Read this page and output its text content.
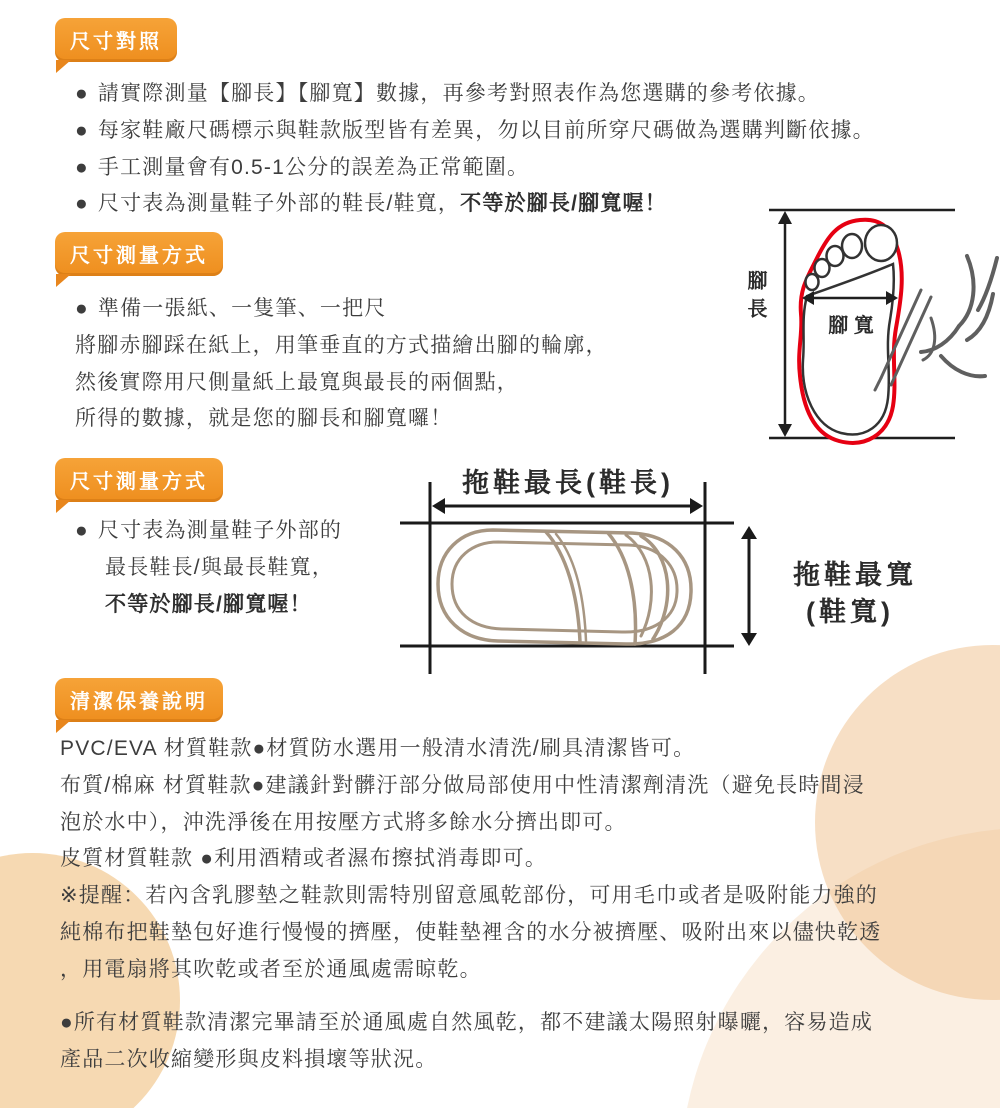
尺寸對照
● 請實際測量【腳長】【腳寬】數據，再參考對照表作為您選購的參考依據。
● 每家鞋廠尺碼標示與鞋款版型皆有差異，勿以目前所穿尺碼做為選購判斷依據。
● 手工測量會有0.5-1公分的誤差為正常範圍。
● 尺寸表為測量鞋子外部的鞋長/鞋寬，不等於腳長/腳寬喔！
尺寸測量方式
● 準備一張紙、一隻筆、一把尺
將腳赤腳踩在紙上，用筆垂直的方式描繪出腳的輪廓，
然後實際用尺側量紙上最寬與最長的兩個點，
所得的數據，就是您的腳長和腳寬囉！
腳長	腳 寬
尺寸測量方式
● 尺寸表為測量鞋子外部的
最長鞋長/與最長鞋寬，
不等於腳長/腳寬喔！
拖鞋最長(鞋長)
拖鞋最寬
(鞋寬)
清潔保養說明
PVC/EVA 材質鞋款●材質防水選用一般清水清洗/刷具清潔皆可。
布質/棉麻 材質鞋款●建議針對髒汙部分做局部使用中性清潔劑清洗（避免長時間浸
泡於水中），沖洗淨後在用按壓方式將多餘水分擠出即可。
皮質材質鞋款 ●利用酒精或者濕布擦拭消毒即可。
※提醒：若內含乳膠墊之鞋款則需特別留意風乾部份，可用毛巾或者是吸附能力強的
純棉布把鞋墊包好進行慢慢的擠壓，使鞋墊裡含的水分被擠壓、吸附出來以儘快乾透
，用電扇將其吹乾或者至於通風處需晾乾。
●所有材質鞋款清潔完畢請至於通風處自然風乾，都不建議太陽照射曝曬，容易造成
產品二次收縮變形與皮料損壞等狀況。
